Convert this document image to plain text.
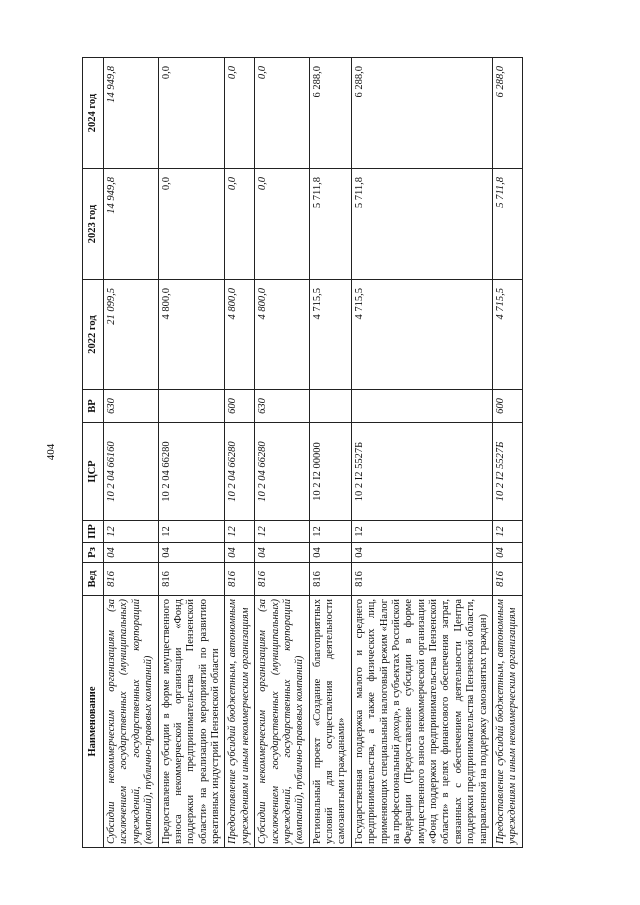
404
Наименование	Вед	Рз	ПР	ЦСР	ВР	2022 год	2023 год	2024 год
Субсидии некоммерческим организациям (за исключением государственных (муниципальных) учреждений, государственных корпораций (компаний), публично-правовых компаний)	816	04	12	10 2 04 66160	630	21 099,5	14 949,8	14 949,8
Предоставление субсидии в форме имущественного взноса некоммерческой организации «Фонд поддержки предпринимательства Пензенской области» на реализацию мероприятий по развитию креативных индустрий Пензенской области	816	04	12	10 2 04 66280		4 800,0	0,0	0,0
Предоставление субсидий бюджетным, автономным учреждениям и иным некоммерческим организациям	816	04	12	10 2 04 66280	600	4 800,0	0,0	0,0
Субсидии некоммерческим организациям (за исключением государственных (муниципальных) учреждений, государственных корпораций (компаний), публично-правовых компаний)	816	04	12	10 2 04 66280	630	4 800,0	0,0	0,0
Региональный проект «Создание благоприятных условий для осуществления деятельности самозанятыми гражданами»	816	04	12	10 2 I2 00000		4 715,5	5 711,8	6 288,0
Государственная поддержка малого и среднего предпринимательства, а также физических лиц, применяющих специальный налоговый режим «Налог на профессиональный доход», в субъектах Российской Федерации (Предоставление субсидии в форме имущественного взноса некоммерческой организации «Фонд поддержки предпринимательства Пензенской области» в целях финансового обеспечения затрат, связанных с обеспечением деятельности Центра поддержки предпринимательства Пензенской области, направленной на поддержку самозанятых граждан)	816	04	12	10 2 I2 5527Б		4 715,5	5 711,8	6 288,0
Предоставление субсидий бюджетным, автономным учреждениям и иным некоммерческим организациям	816	04	12	10 2 I2 5527Б	600	4 715,5	5 711,8	6 288,0
